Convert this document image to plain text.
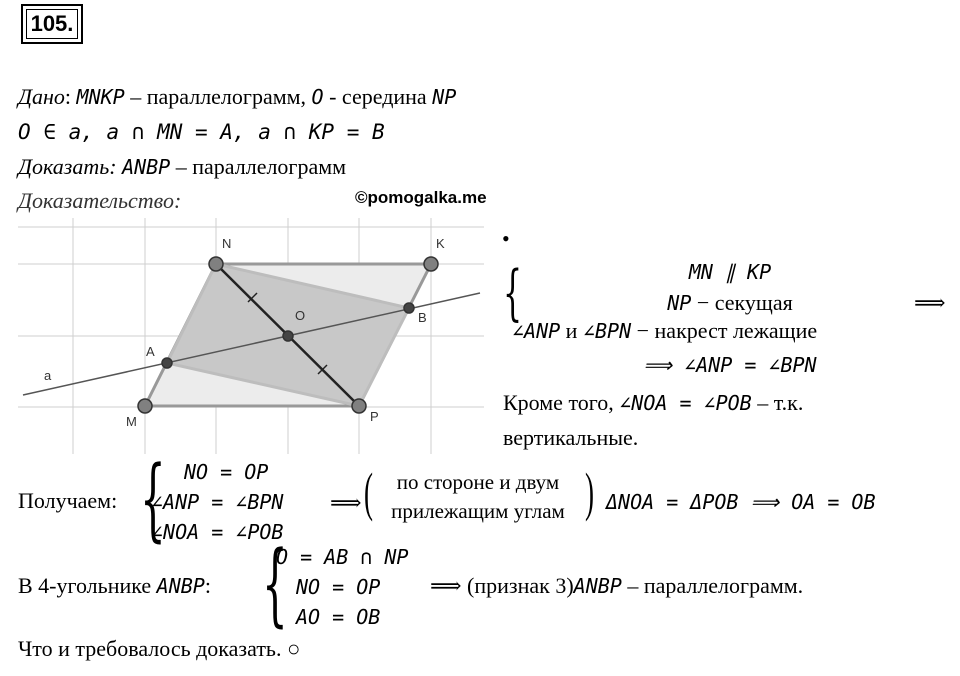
105.
Дано: MNKP – параллелограмм, O - середина NP
O ∈ a, a ∩ MN = A, a ∩ KP = B
Доказать: ANBP – параллелограмм
Доказательство:	©pomogalka.me
N	K
M	P
A
B
O
a
•
{	MN ∥ KP
NP − секущая
∠ANP и ∠BPN − накрест лежащие
⟹
⟹ ∠ANP = ∠BPN
Кроме того, ∠NOA = ∠POB – т.к.
вертикальные.
Получаем: { NO = OP
∠ANP = ∠BPN
∠NOA = ∠POB
⟹ (	по стороне и двум
прилежащим углам ) ΔNOA = ΔPOB ⟹ OA = OB
В 4-угольнике ANBP: {
O = AB ∩ NP
NO = OP
AO = OB
⟹ (признак 3)ANBP – параллелограмм.
Что и требовалось доказать. ○
